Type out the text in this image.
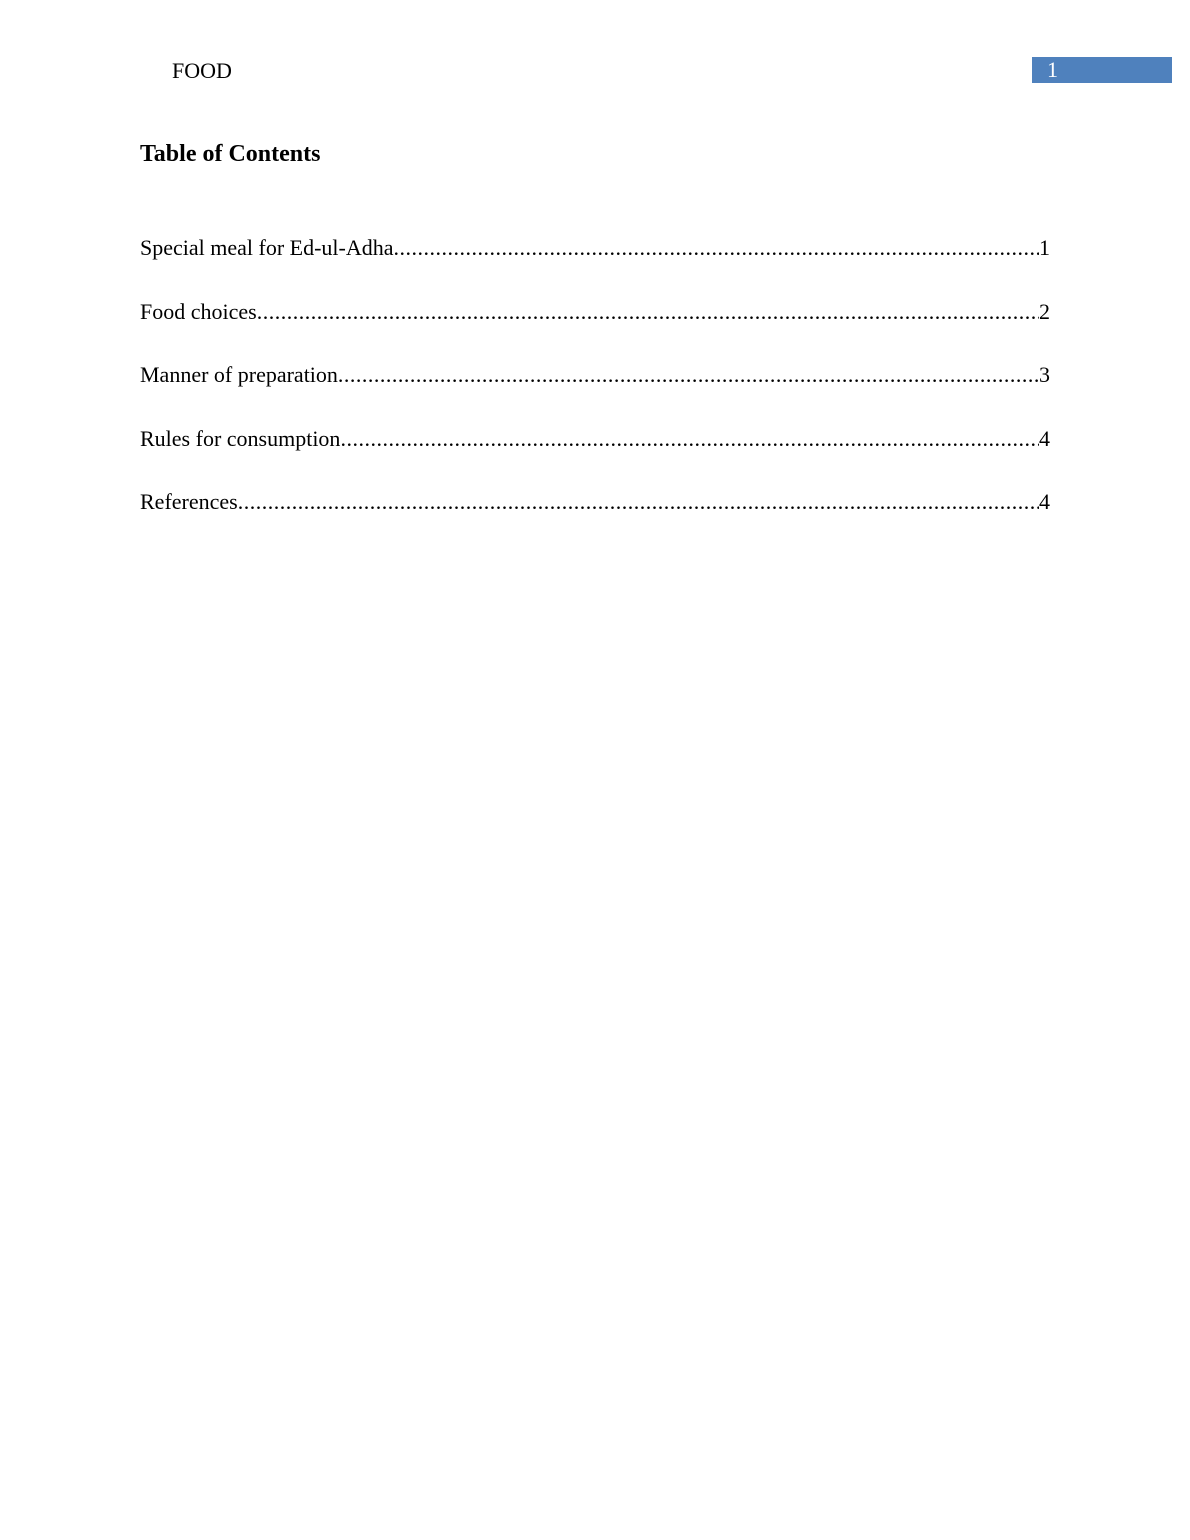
FOOD	1
Table of Contents
Special meal for Ed-ul-Adha .....	1
Food choices .....	2
Manner of preparation .....	3
Rules for consumption .....	4
References .....	4
